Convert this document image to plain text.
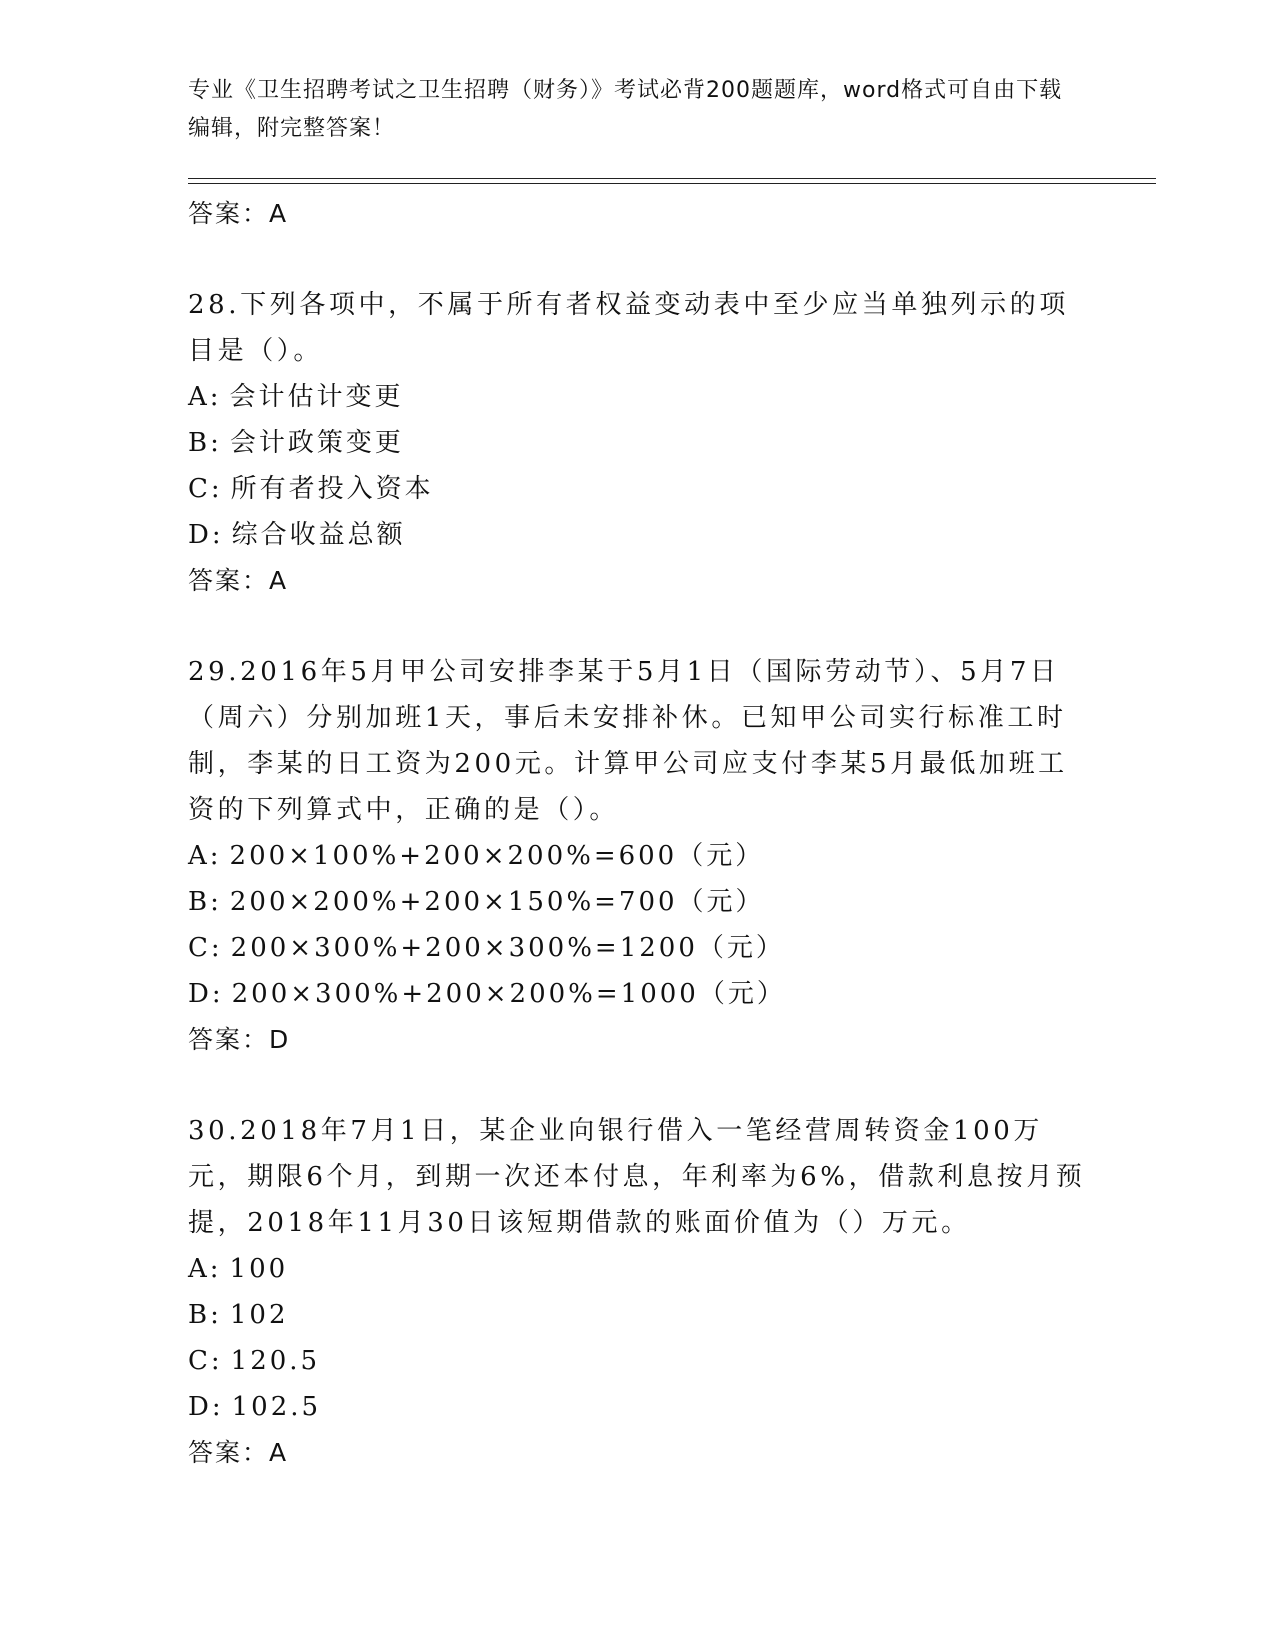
专业《卫生招聘考试之卫生招聘（财务）》考试必背200题题库，word格式可自由下载编辑，附完整答案！
答案：A
28.下列各项中，不属于所有者权益变动表中至少应当单独列示的项目是（）。
A: 会计估计变更
B: 会计政策变更
C: 所有者投入资本
D: 综合收益总额
答案：A
29.2016年5月甲公司安排李某于5月1日（国际劳动节）、5月7日（周六）分别加班1天，事后未安排补休。已知甲公司实行标准工时制，李某的日工资为200元。计算甲公司应支付李某5月最低加班工资的下列算式中，正确的是（）。
A: 200×100%+200×200%=600（元）
B: 200×200%+200×150%=700（元）
C: 200×300%+200×300%=1200（元）
D: 200×300%+200×200%=1000（元）
答案：D
30.2018年7月1日，某企业向银行借入一笔经营周转资金100万元，期限6个月，到期一次还本付息，年利率为6%，借款利息按月预提，2018年11月30日该短期借款的账面价值为（）万元。
A: 100
B: 102
C: 120.5
D: 102.5
答案：A
